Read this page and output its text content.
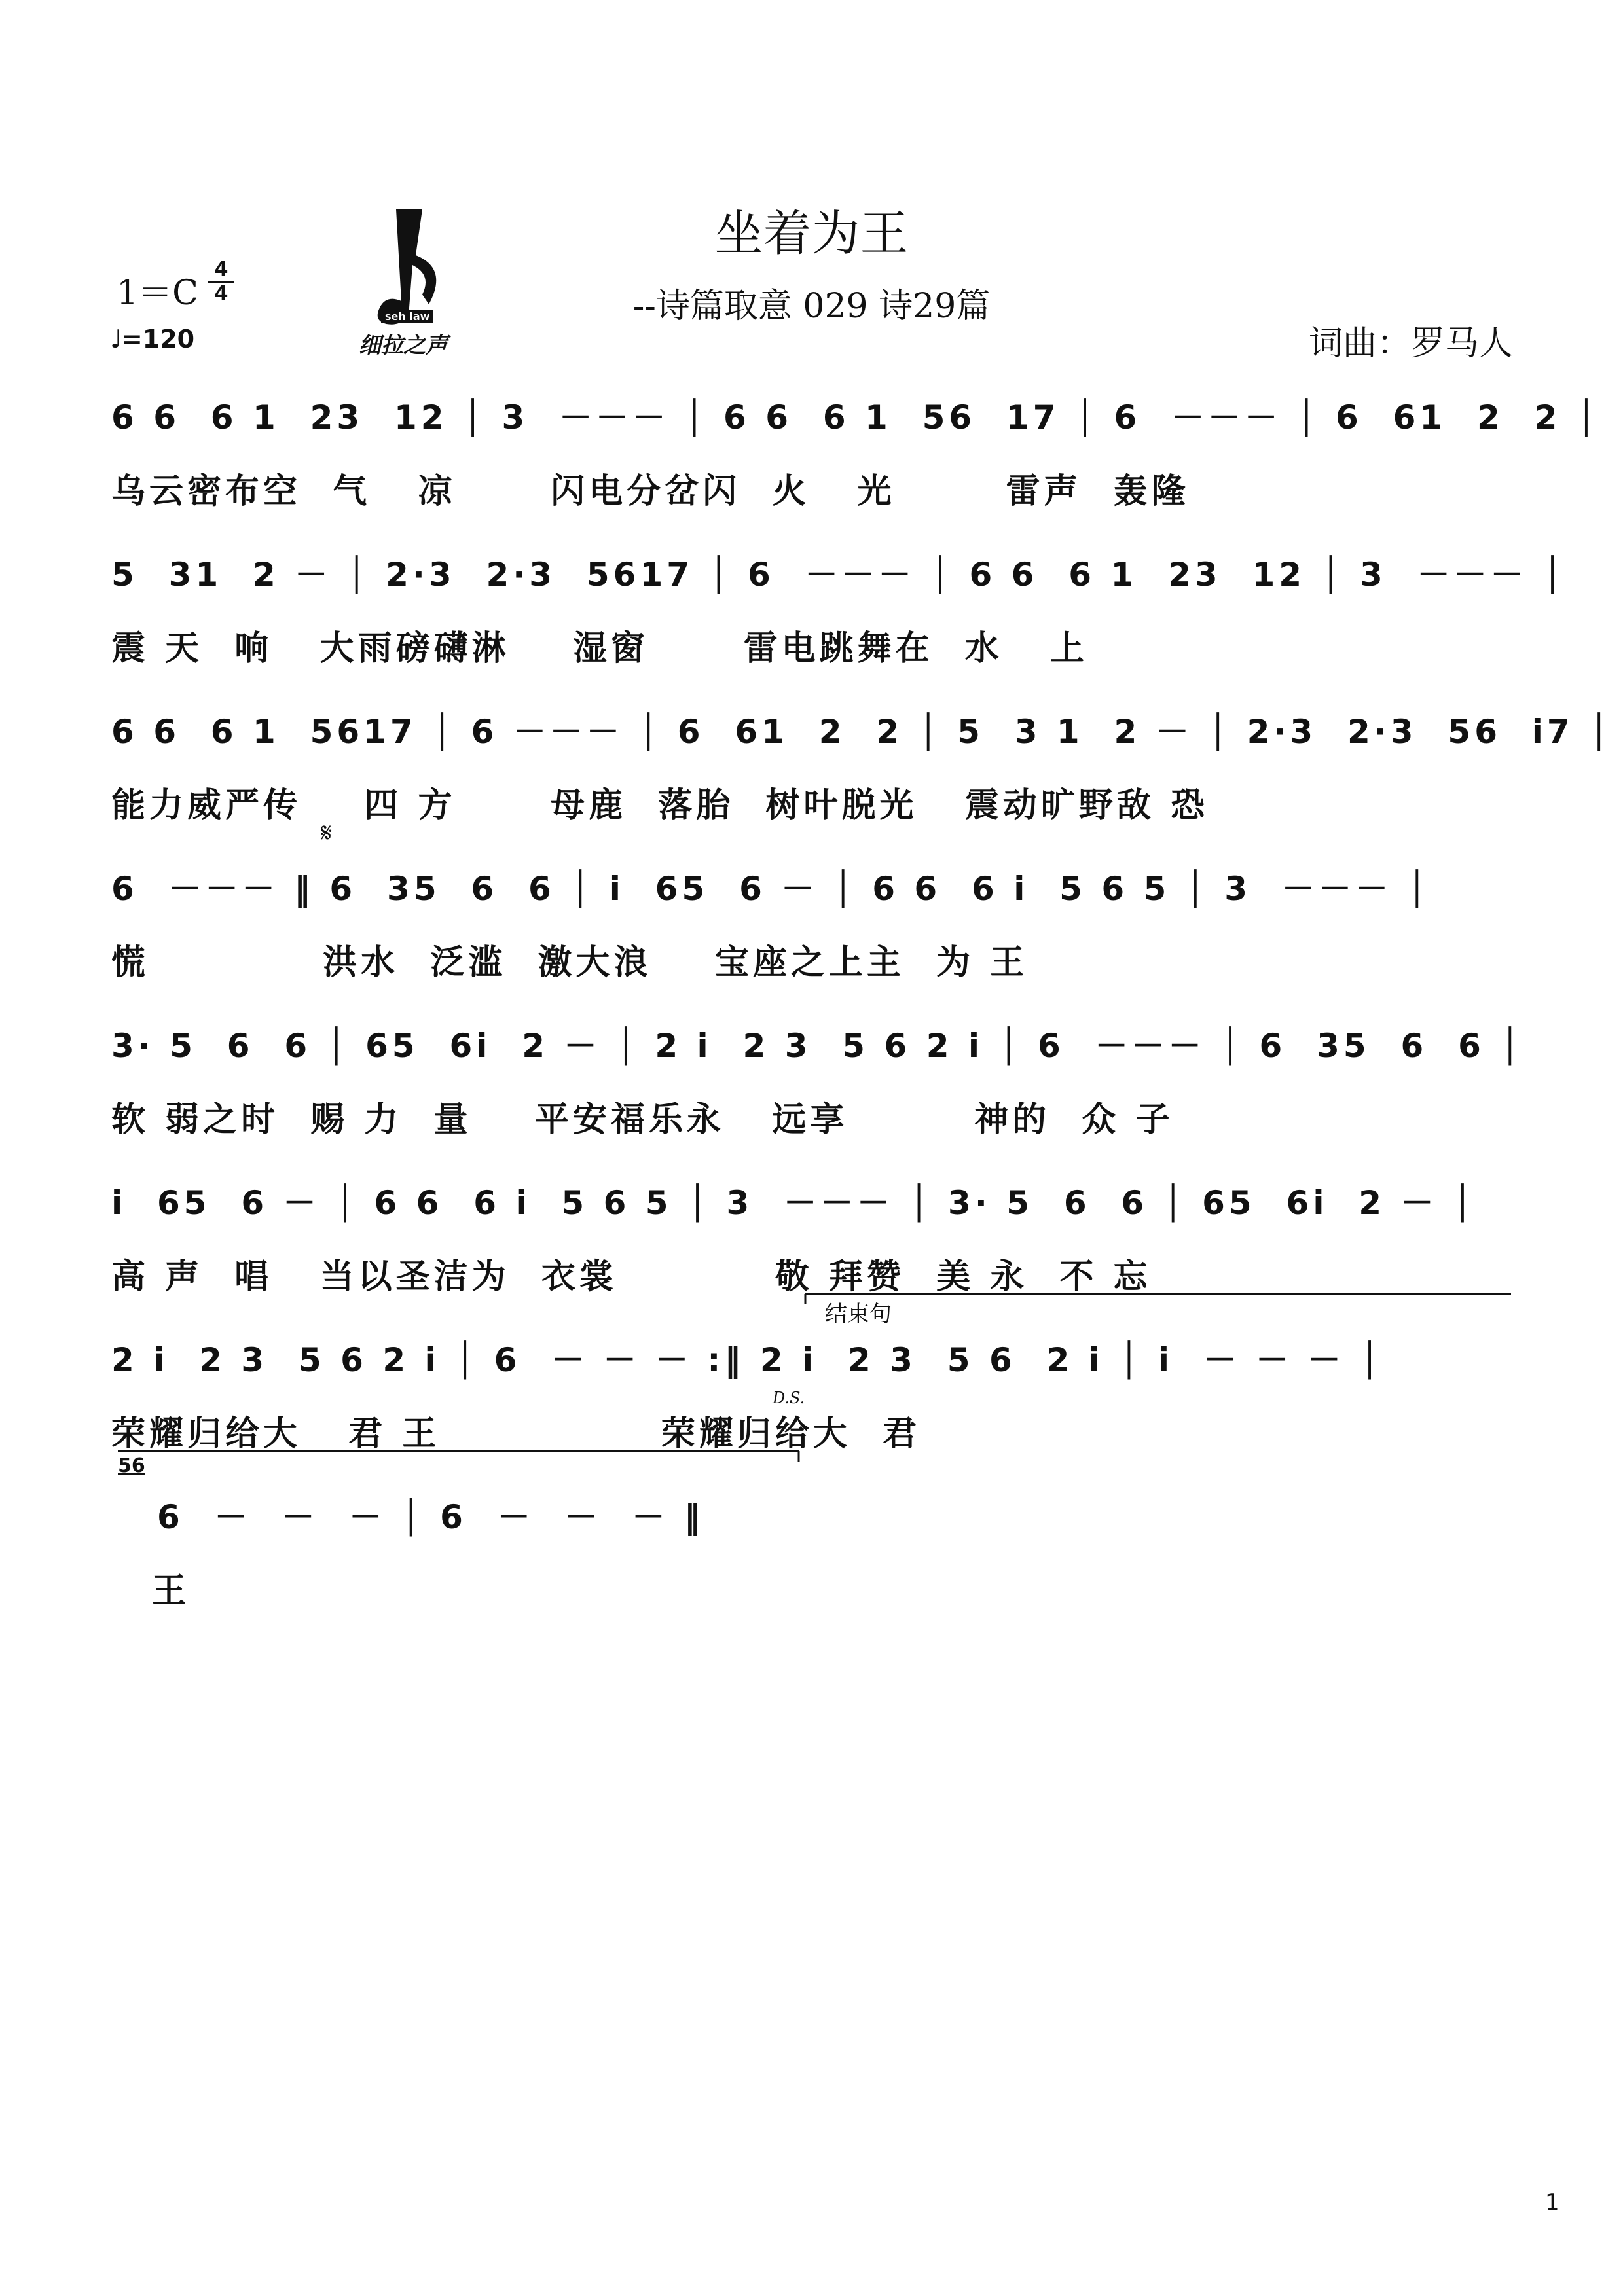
坐着为王
--诗篇取意 029 诗29篇
1＝C
4
4
♩=120	词曲：罗马人
seh law
细拉之声
𝄋
结束句
D.S.
56
6 6  6 1  23  12 │ 3  －－－ │ 6 6  6 1  56  17 │ 6  －－－ │ 6  61  2  2 │
乌云密布空  气   凉      闪电分岔闪  火   光       雷声  轰隆
5  31  2 － │ 2·3  2·3  5617 │ 6  －－－ │ 6 6  6 1  23  12 │ 3  －－－ │
震 天  响   大雨磅礴淋    湿窗      雷电跳舞在  水   上
6 6  6 1  5617 │ 6 －－－ │ 6  61  2  2 │ 5  3 1  2 － │ 2·3  2·3  56  i7 │
能力威严传    四 方      母鹿  落胎  树叶脱光   震动旷野敌 恐
6  －－－ ‖ 6  35  6  6 │ i  65  6 － │ 6 6  6 i  5 6 5 │ 3  －－－ │
慌           洪水  泛滥  激大浪    宝座之上主  为 王
3· 5  6  6 │ 65  6i  2 － │ 2 i  2 3  5 6 2 i │ 6  －－－ │ 6  35  6  6 │
软 弱之时  赐 力  量    平安福乐永   远享        神的  众 子
i  65  6 － │ 6 6  6 i  5 6 5 │ 3  －－－ │ 3· 5  6  6 │ 65  6i  2 － │
高 声  唱   当以圣洁为  衣裳          敬 拜赞  美 永  不 忘
2 i  2 3  5 6 2 i │ 6  － － － :‖ 2 i  2 3  5 6  2 i │ i  － － － │
荣耀归给大   君 王              荣耀归给大  君
6  －  －  － │ 6  －  －  － ‖
王
1
